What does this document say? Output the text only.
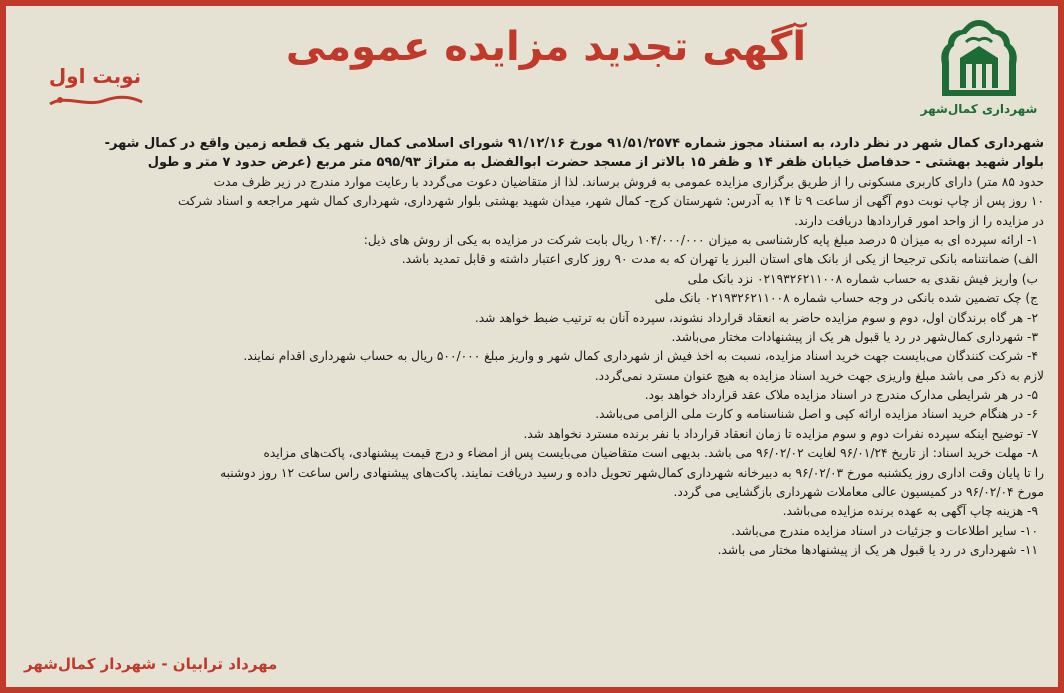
شهرداری کمال‌شهر
آگهی تجدید مزایده عمومی
نوبت اول
شهرداری کمال شهر در نظر دارد، به استناد مجوز شماره ۹۱/۵۱/۲۵۷۴ مورخ ۹۱/۱۲/۱۶ شورای اسلامی کمال شهر یک قطعه زمین واقع در کمال شهر-
بلوار شهید بهشتی - حدفاصل خیابان ظفر ۱۴ و ظفر ۱۵ بالاتر از مسجد حضرت ابوالفضل به متراژ ۵۹۵/۹۳ متر مربع (عرض حدود ۷ متر و طول
حدود ۸۵ متر) دارای کاربری مسکونی را از طریق برگزاری مزایده عمومی به فروش برساند. لذا از متقاضیان دعوت می‌گردد با رعایت موارد مندرج در زیر ظرف مدت
۱۰ روز پس از چاپ نوبت دوم آگهی از ساعت ۹ تا ۱۴ به آدرس: شهرستان کرج- کمال شهر، میدان شهید بهشتی بلوار شهرداری، شهرداری کمال شهر مراجعه و اسناد شرکت
در مزایده را از واحد امور قراردادها دریافت دارند.
۱- ارائه سپرده ای به میزان ۵ درصد مبلغ پایه کارشناسی به میزان ۱۰۴/۰۰۰/۰۰۰ ریال بابت شرکت در مزایده به یکی از روش های ذیل:
الف) ضمانتنامه بانکی ترجیحا از یکی از بانک های استان البرز یا تهران که به مدت ۹۰ روز کاری اعتبار داشته و قابل تمدید باشد.
ب) واریز فیش نقدی به حساب شماره ۰۲۱۹۳۲۶۲۱۱۰۰۸ نزد بانک ملی
ج) چک تضمین شده بانکی در وجه حساب شماره ۰۲۱۹۳۲۶۲۱۱۰۰۸ بانک ملی
۲- هر گاه برندگان اول، دوم و سوم مزایده حاضر به انعقاد قرارداد نشوند، سپرده آنان به ترتیب ضبط خواهد شد.
۳- شهرداری کمال‌شهر در رد یا قبول هر یک از پیشنهادات مختار می‌باشد.
۴- شرکت کنندگان می‌بایست جهت خرید اسناد مزایده، نسبت به اخذ فیش از شهرداری کمال شهر و واریز مبلغ ۵۰۰/۰۰۰ ریال به حساب شهرداری اقدام نمایند.
لازم به ذکر می باشد مبلغ واریزی جهت خرید اسناد مزایده به هیچ عنوان مسترد نمی‌گردد.
۵- در هر شرایطی مدارک مندرج در اسناد مزایده ملاک عقد قرارداد خواهد بود.
۶- در هنگام خرید اسناد مزایده ارائه کپی و اصل شناسنامه و کارت ملی الزامی می‌باشد.
۷- توضیح اینکه سپرده نفرات دوم و سوم مزایده تا زمان انعقاد قرارداد با نفر برنده مسترد نخواهد شد.
۸- مهلت خرید اسناد: از تاریخ ۹۶/۰۱/۲۴ لغایت ۹۶/۰۲/۰۲ می باشد. بدیهی است متقاضیان می‌بایست پس از امضاء و درج قیمت پیشنهادی، پاکت‌های مزایده
را تا پایان وقت اداری روز یکشنبه مورخ ۹۶/۰۲/۰۳ به دبیرخانه شهرداری کمال‌شهر تحویل داده و رسید دریافت نمایند. پاکت‌های پیشنهادی راس ساعت ۱۲ روز دوشنبه
مورخ ۹۶/۰۲/۰۴ در کمیسیون عالی معاملات شهرداری بازگشایی می گردد.
۹- هزینه چاپ آگهی به عهده برنده مزایده می‌باشد.
۱۰- سایر اطلاعات و جزئیات در اسناد مزایده مندرج می‌باشد.
۱۱- شهرداری در رد یا قبول هر یک از پیشنهادها مختار می باشد.
مهرداد ترابیان - شهردار کمال‌شهر
